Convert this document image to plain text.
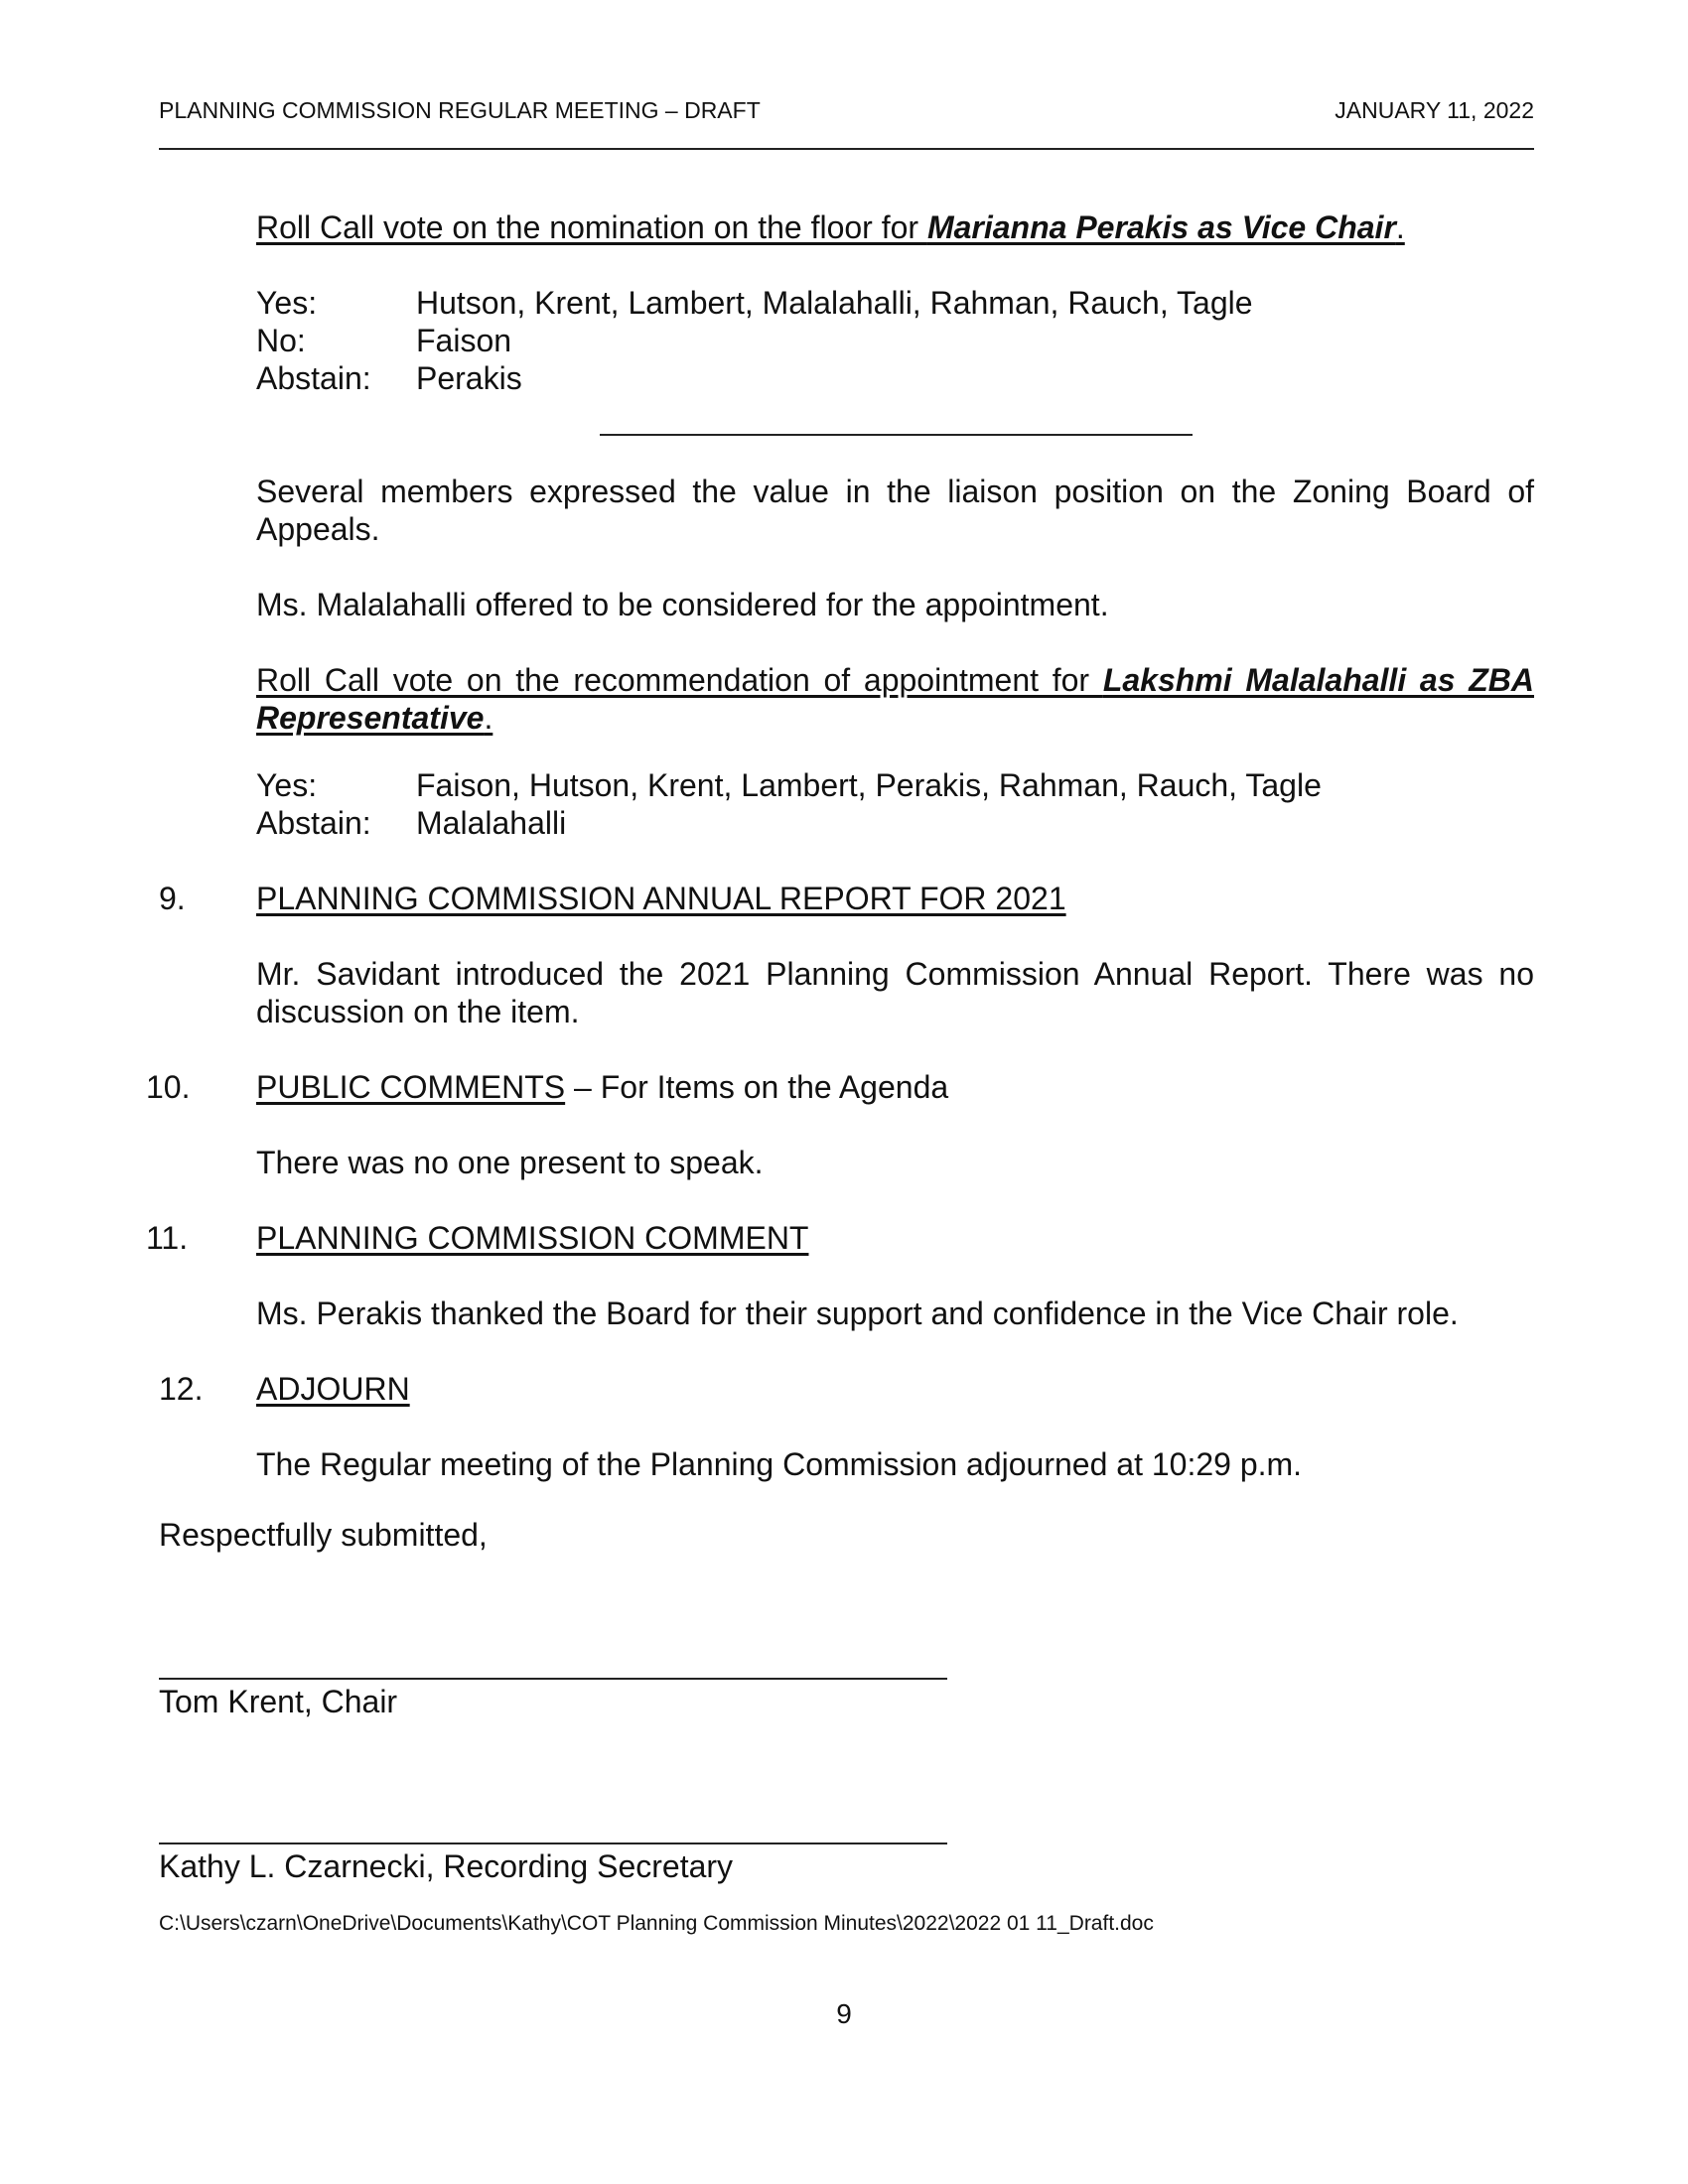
PLANNING COMMISSION REGULAR MEETING – DRAFT	JANUARY 11, 2022
Roll Call vote on the nomination on the floor for Marianna Perakis as Vice Chair.
Yes:	Hutson, Krent, Lambert, Malalahalli, Rahman, Rauch, Tagle
No:	Faison
Abstain: Perakis
Several members expressed the value in the liaison position on the Zoning Board of Appeals.
Ms. Malalahalli offered to be considered for the appointment.
Roll Call vote on the recommendation of appointment for Lakshmi Malalahalli as ZBA Representative.
Yes:	Faison, Hutson, Krent, Lambert, Perakis, Rahman, Rauch, Tagle
Abstain: Malalahalli
9. PLANNING COMMISSION ANNUAL REPORT FOR 2021
Mr. Savidant introduced the 2021 Planning Commission Annual Report. There was no discussion on the item.
10. PUBLIC COMMENTS – For Items on the Agenda
There was no one present to speak.
11. PLANNING COMMISSION COMMENT
Ms. Perakis thanked the Board for their support and confidence in the Vice Chair role.
12. ADJOURN
The Regular meeting of the Planning Commission adjourned at 10:29 p.m.
Respectfully submitted,
Tom Krent, Chair
Kathy L. Czarnecki, Recording Secretary
C:\Users\czarn\OneDrive\Documents\Kathy\COT Planning Commission Minutes\2022\2022 01 11_Draft.doc
9
